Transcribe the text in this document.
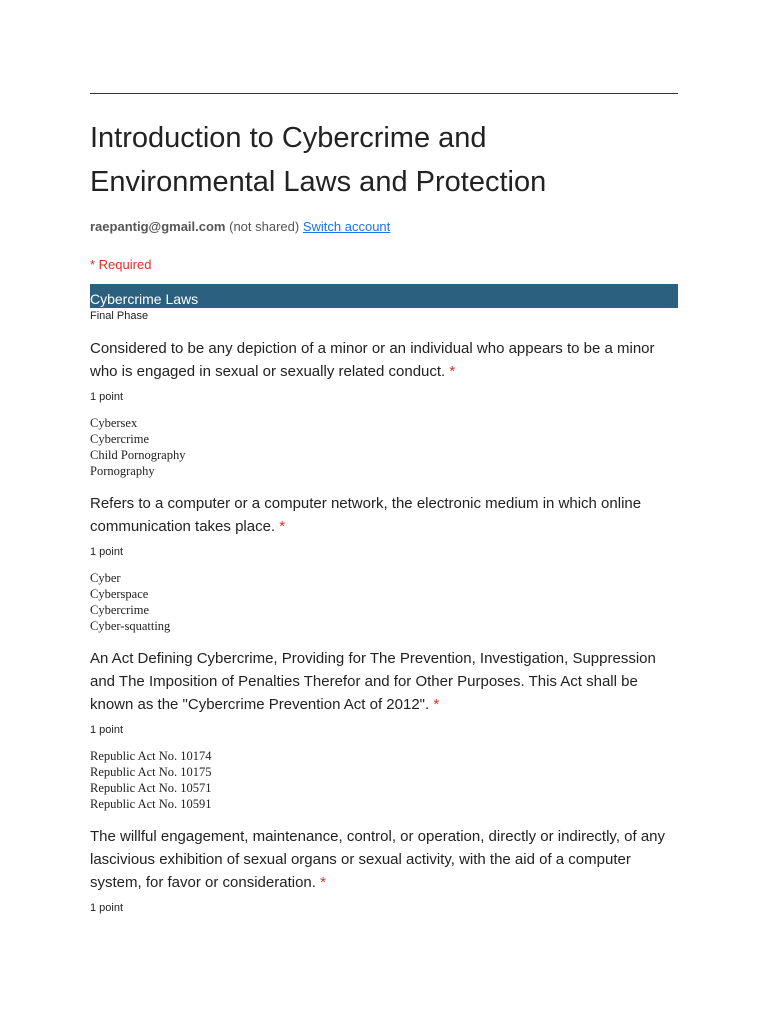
Introduction to Cybercrime and
Environmental Laws and Protection
raepantig@gmail.com (not shared) Switch account
* Required
Cybercrime Laws
Final Phase

Considered to be any depiction of a minor or an individual who appears to be a minor who is engaged in sexual or sexually related conduct. *

1 point
Cybersex
Cybercrime
Child Pornography
Pornography

Refers to a computer or a computer network, the electronic medium in which online communication takes place. *

1 point
Cyber
Cyberspace
Cybercrime
Cyber-squatting

An Act Defining Cybercrime, Providing for The Prevention, Investigation, Suppression and The Imposition of Penalties Therefor and for Other Purposes. This Act shall be known as the "Cybercrime Prevention Act of 2012". *

1 point
Republic Act No. 10174
Republic Act No. 10175
Republic Act No. 10571
Republic Act No. 10591

The willful engagement, maintenance, control, or operation, directly or indirectly, of any lascivious exhibition of sexual organs or sexual activity, with the aid of a computer system, for favor or consideration. *

1 point
